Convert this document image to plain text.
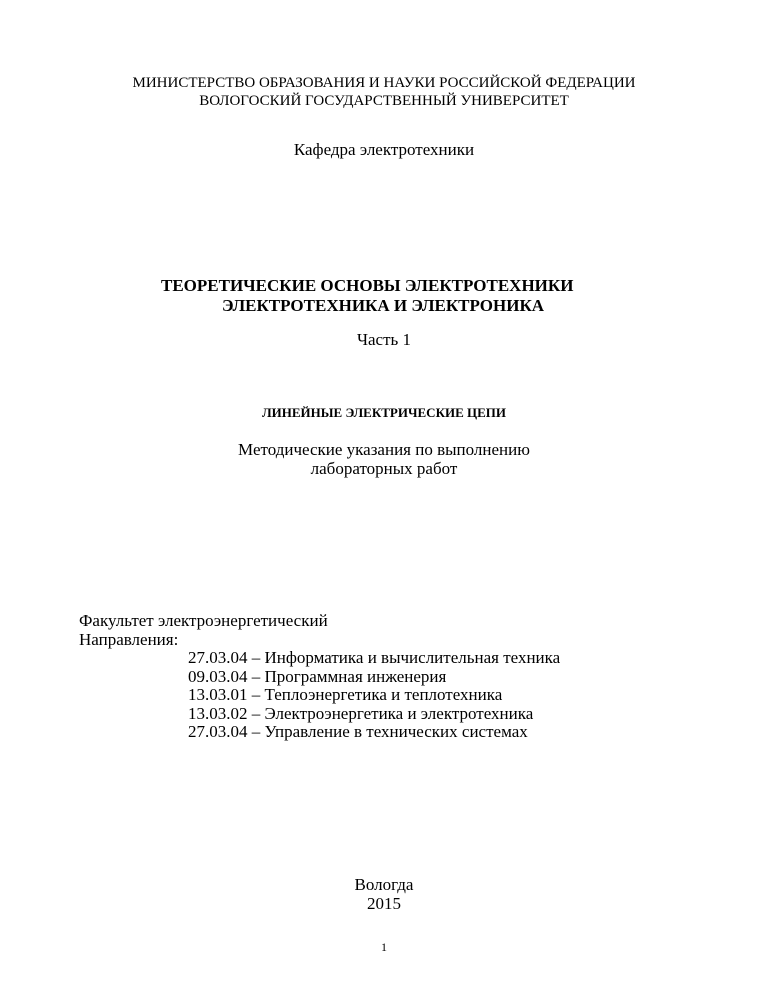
МИНИСТЕРСТВО ОБРАЗОВАНИЯ И НАУКИ РОССИЙСКОЙ ФЕДЕРАЦИИ
ВОЛОГОСКИЙ ГОСУДАРСТВЕННЫЙ УНИВЕРСИТЕТ
Кафедра электротехники
ТЕОРЕТИЧЕСКИЕ ОСНОВЫ ЭЛЕКТРОТЕХНИКИ
ЭЛЕКТРОТЕХНИКА И ЭЛЕКТРОНИКА
Часть 1
ЛИНЕЙНЫЕ ЭЛЕКТРИЧЕСКИЕ ЦЕПИ
Методические указания по выполнению
лабораторных работ
Факультет электроэнергетический
Направления:
27.03.04 – Информатика и вычислительная техника
09.03.04 – Программная инженерия
13.03.01 – Теплоэнергетика и теплотехника
13.03.02 – Электроэнергетика и электротехника
27.03.04 – Управление в технических системах
Вологда
2015
1
